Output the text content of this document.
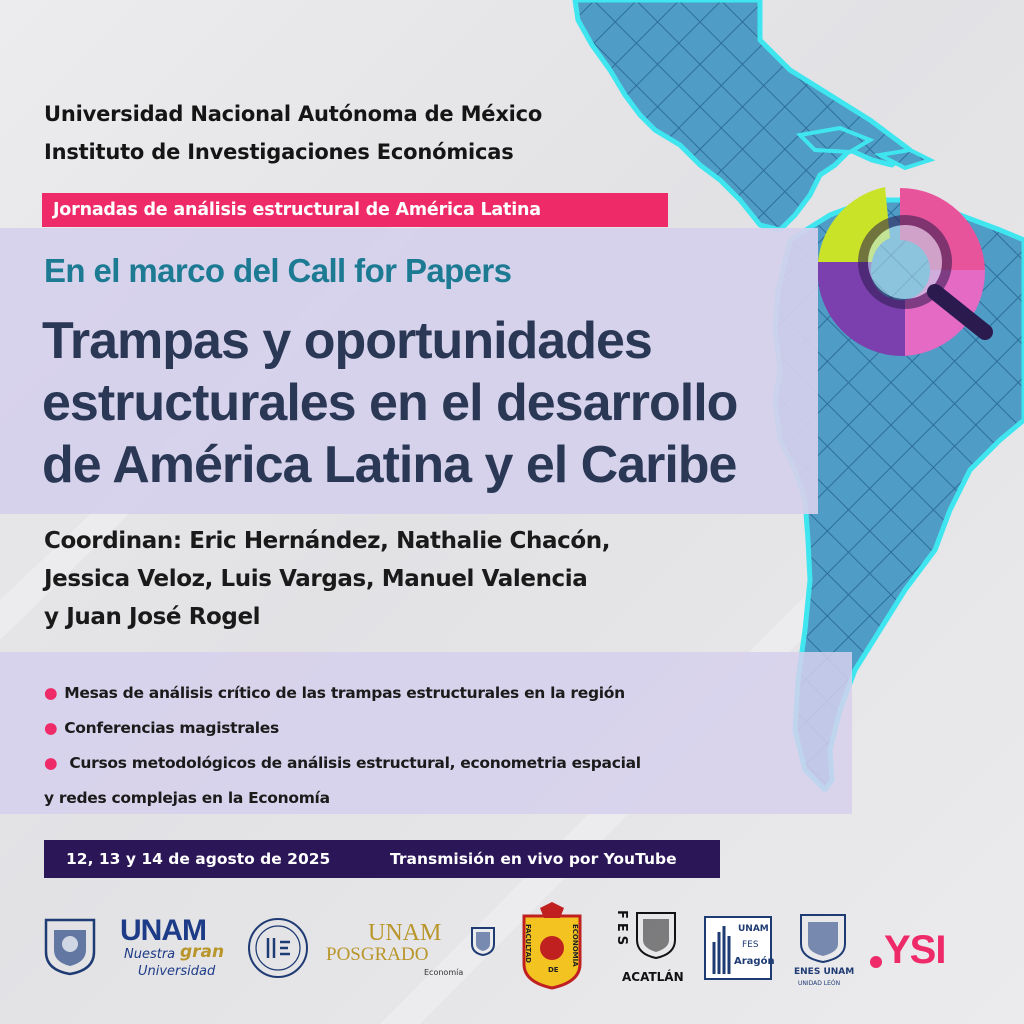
Universidad Nacional Autónoma de México
Instituto de Investigaciones Económicas
Jornadas de análisis estructural de América Latina
En el marco del Call for Papers
Trampas y oportunidades
estructurales en el desarrollo
de América Latina y el Caribe
Coordinan: Eric Hernández, Nathalie Chacón,
Jessica Veloz, Luis Vargas, Manuel Valencia
y Juan José Rogel
● Mesas de análisis crítico de las trampas estructurales en la región
● Conferencias magistrales
● Cursos metodológicos de análisis estructural, econometria espacial
y redes complejas en la Economía
12, 13 y 14 de agosto de 2025	Transmisión en vivo por YouTube
UNAM
Nuestra gran
Universidad
UNAM
POSGRADO
Economía
FACULTAD
DE
ECONOMÍA	FES
ACATLÁN
UNAM
FES
Aragón
ENES UNAM
UNIDAD LEÓN
YSI
